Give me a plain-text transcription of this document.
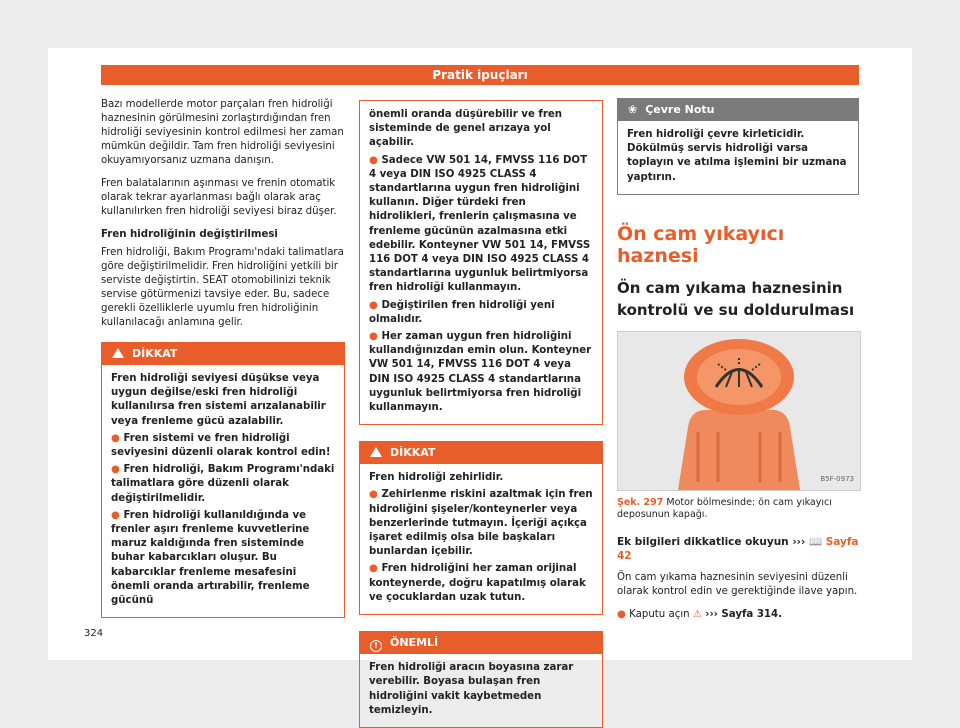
Pratik ipuçları

Bazı modellerde motor parçaları fren hidroliği haznesinin görülmesini zorlaştırdığından fren hidroliği seviyesinin kontrol edilmesi her zaman mümkün değildir. Tam fren hidroliği seviyesini okuyamıyorsanız uzmana danışın.

Fren balatalarının aşınması ve frenin otomatik olarak tekrar ayarlanması bağlı olarak araç kullanılırken fren hidroliği seviyesi biraz düşer.

Fren hidroliğinin değiştirilmesi

Fren hidroliği, Bakım Programı'ndaki talimatlara göre değiştirilmelidir. Fren hidroliğini yetkili bir serviste değiştirtin. SEAT otomobilinizi teknik servise götürmenizi tavsiye eder. Bu, sadece gerekli özelliklerle uyumlu fren hidroliğinin kullanılacağı anlamına gelir.

DİKKAT

Fren hidroliği seviyesi düşükse veya uygun değilse/eski fren hidroliği kullanılırsa fren sistemi arızalanabilir veya frenleme gücü azalabilir.

● Fren sistemi ve fren hidroliği seviyesini düzenli olarak kontrol edin!

● Fren hidroliği, Bakım Programı'ndaki talimatlara göre düzenli olarak değiştirilmelidir.

● Fren hidroliği kullanıldığında ve frenler aşırı frenleme kuvvetlerine maruz kaldığında fren sisteminde buhar kabarcıkları oluşur. Bu kabarcıklar frenleme mesafesini önemli oranda artırabilir, frenleme gücünü

önemli oranda düşürebilir ve fren sisteminde de genel arızaya yol açabilir.

● Sadece VW 501 14, FMVSS 116 DOT 4 veya DIN ISO 4925 CLASS 4 standartlarına uygun fren hidroliğini kullanın. Diğer türdeki fren hidrolikleri, frenlerin çalışmasına ve frenleme gücünün azalmasına etki edebilir. Konteyner VW 501 14, FMVSS 116 DOT 4 veya DIN ISO 4925 CLASS 4 standartlarına uygunluk belirtmiyorsa fren hidroliği kullanmayın.

● Değiştirilen fren hidroliği yeni olmalıdır.

● Her zaman uygun fren hidroliğini kullandığınızdan emin olun. Konteyner VW 501 14, FMVSS 116 DOT 4 veya DIN ISO 4925 CLASS 4 standartlarına uygunluk belirtmiyorsa fren hidroliği kullanmayın.

DİKKAT

Fren hidroliği zehirlidir.

● Zehirlenme riskini azaltmak için fren hidroliğini şişeler/konteynerler veya benzerlerinde tutmayın. İçeriği açıkça işaret edilmiş olsa bile başkaları bunlardan içebilir.

● Fren hidroliğini her zaman orijinal konteynerde, doğru kapatılmış olarak ve çocuklardan uzak tutun.

! ÖNEMLİ

Fren hidroliği aracın boyasına zarar verebilir. Boyasa bulaşan fren hidroliğini vakit kaybetmeden temizleyin.

❀ Çevre Notu

Fren hidroliği çevre kirleticidir. Dökülmüş servis hidroliği varsa toplayın ve atılma işlemini bir uzmana yaptırın.

Ön cam yıkayıcı haznesi
Ön cam yıkama haznesinin kontrolü ve su doldurulması
B5F-0973
Şek. 297 Motor bölmesinde: ön cam yıkayıcı deposunun kapağı.
Ek bilgileri dikkatlice okuyun ››› 📖 Sayfa 42

Ön cam yıkama haznesinin seviyesini düzenli olarak kontrol edin ve gerektiğinde ilave yapın.

● Kaputu açın ⚠ ››› Sayfa 314.

324
